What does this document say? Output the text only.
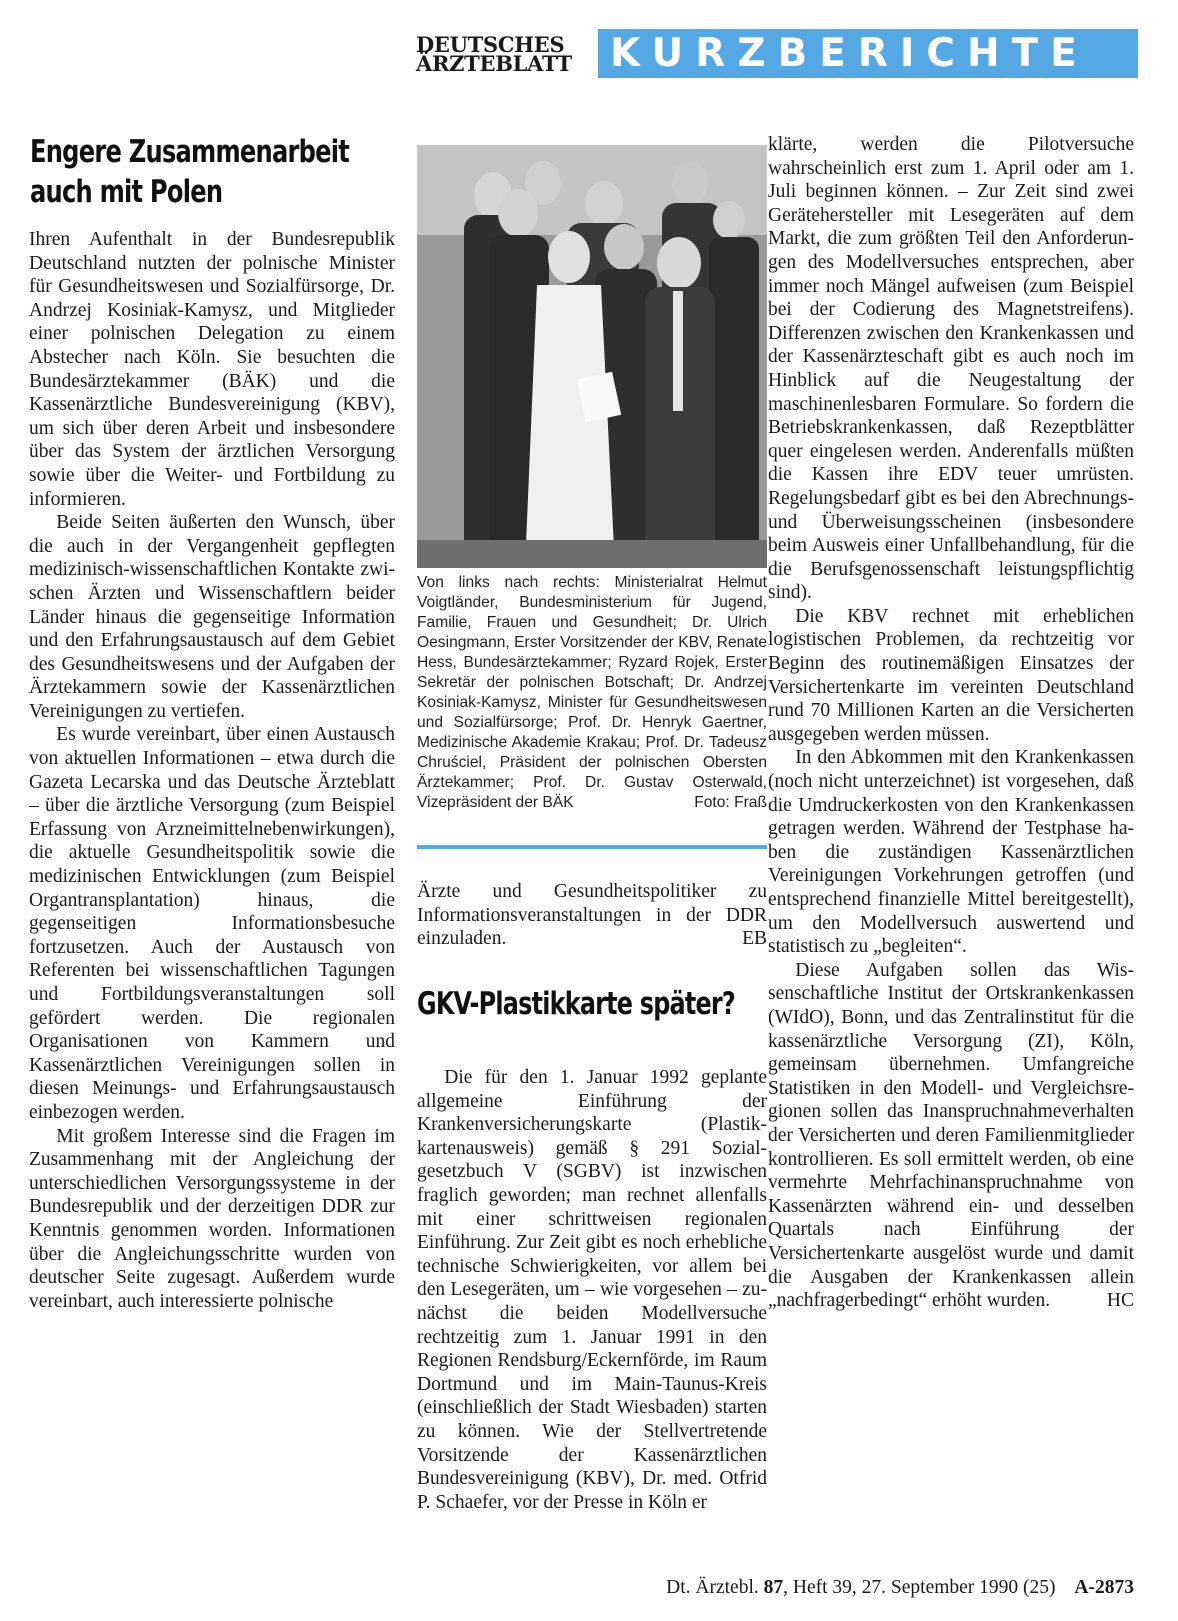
DEUTSCHES
ÄRZTEBLATT KURZBERICHTE
Engere Zusammenarbeit
auch mit Polen

Ihren Aufenthalt in der Bundesrepublik Deutschland nutzten der polnische Minister für Gesundheitswesen und Sozialfürsorge, Dr. Andrzej Kosiniak-Kamysz, und Mitglieder einer polnischen Delegation zu einem Abstecher nach Köln. Sie besuchten die Bundesärztekammer (BÄK) und die Kassenärztliche Bundesvereinigung (KBV), um sich über deren Arbeit und insbesondere über das System der ärztlichen Versorgung sowie über die Weiter- und Fortbildung zu informieren.

Beide Seiten äußerten den Wunsch, über die auch in der Vergangenheit gepflegten medizinisch-wissenschaftlichen Kontakte zwischen Ärzten und Wissenschaftlern beider Länder hinaus die gegenseitige Information und den Erfahrungsaustausch auf dem Gebiet des Gesundheitswesens und der Aufgaben der Ärztekammern sowie der Kassenärztlichen Vereinigungen zu vertiefen.

Es wurde vereinbart, über einen Austausch von aktuellen Informationen – etwa durch die Gazeta Lecarska und das Deutsche Ärzteblatt – über die ärztliche Versorgung (zum Beispiel Erfassung von Arzneimittelnebenwirkungen), die aktuelle Gesundheitspolitik sowie die medizinischen Entwicklungen (zum Beispiel Organtransplantation) hinaus, die gegenseitigen Informationsbesuche fortzusetzen. Auch der Austausch von Referenten bei wissenschaftlichen Tagungen und Fortbildungsveranstaltungen soll gefördert werden. Die regionalen Organisationen von Kammern und Kassenärztlichen Vereinigungen sollen in diesen Meinungs- und Erfahrungsaustausch einbezogen werden.

Mit großem Interesse sind die Fragen im Zusammenhang mit der Angleichung der unterschiedlichen Versorgungssysteme in der Bundesrepublik und der derzeitigen DDR zur Kenntnis genommen worden. Informationen über die Angleichungsschritte wurden von deutscher Seite zugesagt. Außerdem wurde vereinbart, auch interessierte polnische

Von links nach rechts: Ministerialrat Helmut Voigtländer, Bundesministerium für Jugend, Familie, Frauen und Gesundheit; Dr. Ulrich Oesingmann, Erster Vorsitzender der KBV, Renate Hess, Bundesärztekammer; Ryzard Rojek, Erster Sekretär der polnischen Botschaft; Dr. Andrzej Kosiniak-Kamysz, Minister für Gesundheitswesen und Sozialfürsorge; Prof. Dr. Henryk Gaertner, Medizinische Akademie Krakau; Prof. Dr. Tadeusz Chruściel, Präsident der polnischen Obersten Ärztekammer; Prof. Dr. Gustav Osterwald, Vizepräsident der BÄK	Foto: Fraß

Ärzte und Gesundheitspolitiker zu Informationsveranstaltungen in der DDR einzuladen.	EB

GKV-Plastikkarte später?

Die für den 1. Januar 1992 geplante allgemeine Einführung der Krankenversicherungskarte (Plastikkartenausweis) gemäß § 291 Sozialgesetzbuch V (SGBV) ist inzwischen fraglich geworden; man rechnet allenfalls mit einer schrittweisen regionalen Einführung. Zur Zeit gibt es noch erhebliche technische Schwierigkeiten, vor allem bei den Lesegeräten, um – wie vorgesehen – zunächst die beiden Modellversuche rechtzeitig zum 1. Januar 1991 in den Regionen Rendsburg/Eckernförde, im Raum Dortmund und im Main-Taunus-Kreis (einschließlich der Stadt Wiesbaden) starten zu können. Wie der Stellvertretende Vorsitzende der Kassenärztlichen Bundesvereinigung (KBV), Dr. med. Otfrid P. Schaefer, vor der Presse in Köln er

klärte, werden die Pilotversuche wahrscheinlich erst zum 1. April oder am 1. Juli beginnen können. – Zur Zeit sind zwei Gerätehersteller mit Lesegeräten auf dem Markt, die zum größten Teil den Anforderungen des Modellversuches entsprechen, aber immer noch Mängel aufweisen (zum Beispiel bei der Codierung des Magnetstreifens). Differenzen zwischen den Krankenkassen und der Kassenärzteschaft gibt es auch noch im Hinblick auf die Neugestaltung der maschinenlesbaren Formulare. So fordern die Betriebskrankenkassen, daß Rezeptblätter quer eingelesen werden. Anderenfalls müßten die Kassen ihre EDV teuer umrüsten. Regelungsbedarf gibt es bei den Abrechnungs- und Überweisungsscheinen (insbesondere beim Ausweis einer Unfallbehandlung, für die die Berufsgenossenschaft leistungspflichtig sind).

Die KBV rechnet mit erheblichen logistischen Problemen, da rechtzeitig vor Beginn des routinemäßigen Einsatzes der Versichertenkarte im vereinten Deutschland rund 70 Millionen Karten an die Versicherten ausgegeben werden müssen.

In den Abkommen mit den Krankenkassen (noch nicht unterzeichnet) ist vorgesehen, daß die Umdruckerkosten von den Krankenkassen getragen werden. Während der Testphase haben die zuständigen Kassenärztlichen Vereinigungen Vorkehrungen getroffen (und entsprechend finanzielle Mittel bereitgestellt), um den Modellversuch auswertend und statistisch zu „begleiten“.

Diese Aufgaben sollen das Wissenschaftliche Institut der Ortskrankenkassen (WIdO), Bonn, und das Zentralinstitut für die kassenärztliche Versorgung (ZI), Köln, gemeinsam übernehmen. Umfangreiche Statistiken in den Modell- und Vergleichsregionen sollen das Inanspruchnahmeverhalten der Versicherten und deren Familienmitglieder kontrollieren. Es soll ermittelt werden, ob eine vermehrte Mehrfachinanspruchnahme von Kassenärzten während ein- und desselben Quartals nach Einführung der Versichertenkarte ausgelöst wurde und damit die Ausgaben der Krankenkassen allein „nachfragerbedingt“ erhöht wurden.	HC

Dt. Ärztebl. 87, Heft 39, 27. September 1990 (25) A-2873
